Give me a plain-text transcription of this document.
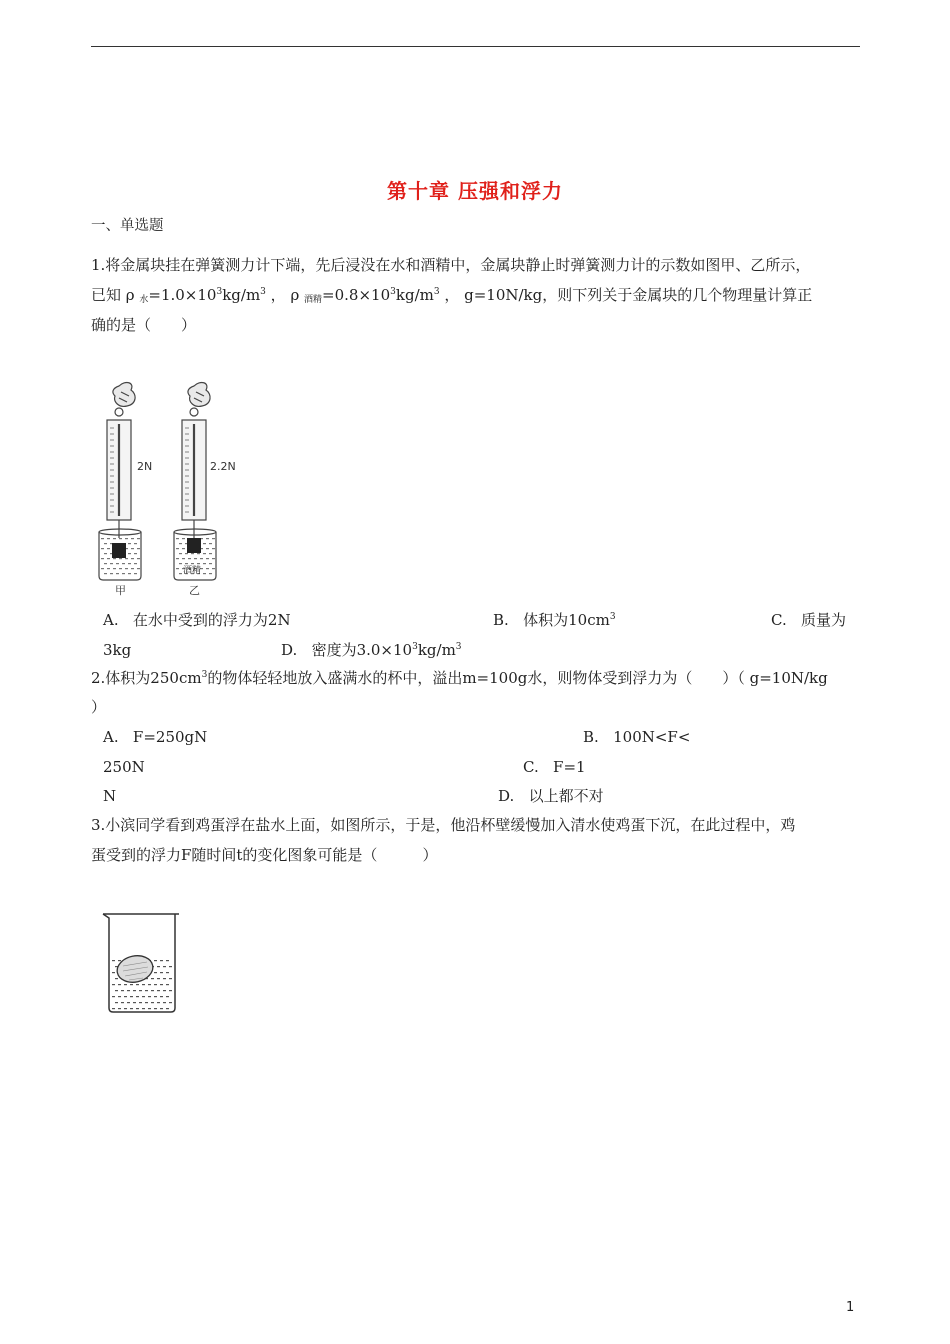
第十章 压强和浮力
一、单选题
1.将金属块挂在弹簧测力计下端，先后浸没在水和酒精中，金属块静止时弹簧测力计的示数如图甲、乙所示，
已知 ρ $_水=1.0\times 10^3kg/m^3$ ， ρ $_{酒精}=0.8\times 10^3kg/m^3$ ， g=10N/kg，则下列关于金属块的几个物理量计算正
确的是（　　）
2N	2.2N
酒精
甲	乙
A. 在水中受到的浮力为2N	B. 体积为$10cm^3$	C. 质量为
3kg	D. 密度为$3.0\times 10^3kg/m^3$
2.体积为$250cm^3$的物体轻轻地放入盛满水的杯中，溢出m=100g水，则物体受到浮力为（　　）（ g=10N/kg
）
A. F=250gN	B. 100N<F<
250N	C. F=1
N	D. 以上都不对
3.小滨同学看到鸡蛋浮在盐水上面，如图所示，于是，他沿杯壁缓慢加入清水使鸡蛋下沉，在此过程中，鸡
蛋受到的浮力F随时间t的变化图象可能是（　　　）
1
